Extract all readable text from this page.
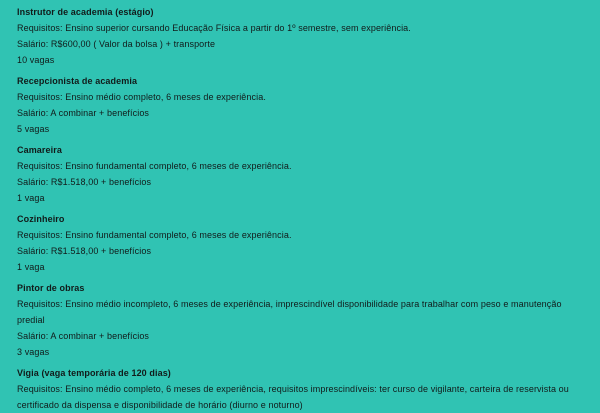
Instrutor de academia (estágio)
Requisitos: Ensino superior cursando Educação Física a partir do 1º semestre, sem experiência.
Salário: R$600,00 ( Valor da bolsa ) + transporte
10 vagas
Recepcionista de academia
Requisitos: Ensino médio completo, 6 meses de experiência.
Salário: A combinar + benefícios
5 vagas
Camareira
Requisitos: Ensino fundamental completo, 6 meses de experiência.
Salário: R$1.518,00 + benefícios
1 vaga
Cozinheiro
Requisitos: Ensino fundamental completo, 6 meses de experiência.
Salário: R$1.518,00 + benefícios
1 vaga
Pintor de obras
Requisitos: Ensino médio incompleto, 6 meses de experiência, imprescindível disponibilidade para trabalhar com peso e manutenção
predial
Salário: A combinar + benefícios
3 vagas
Vigia (vaga temporária de 120 dias)
Requisitos: Ensino médio completo, 6 meses de experiência, requisitos imprescindíveis: ter curso de vigilante, carteira de reservista ou
certificado da dispensa e disponibilidade de horário (diurno e noturno)
